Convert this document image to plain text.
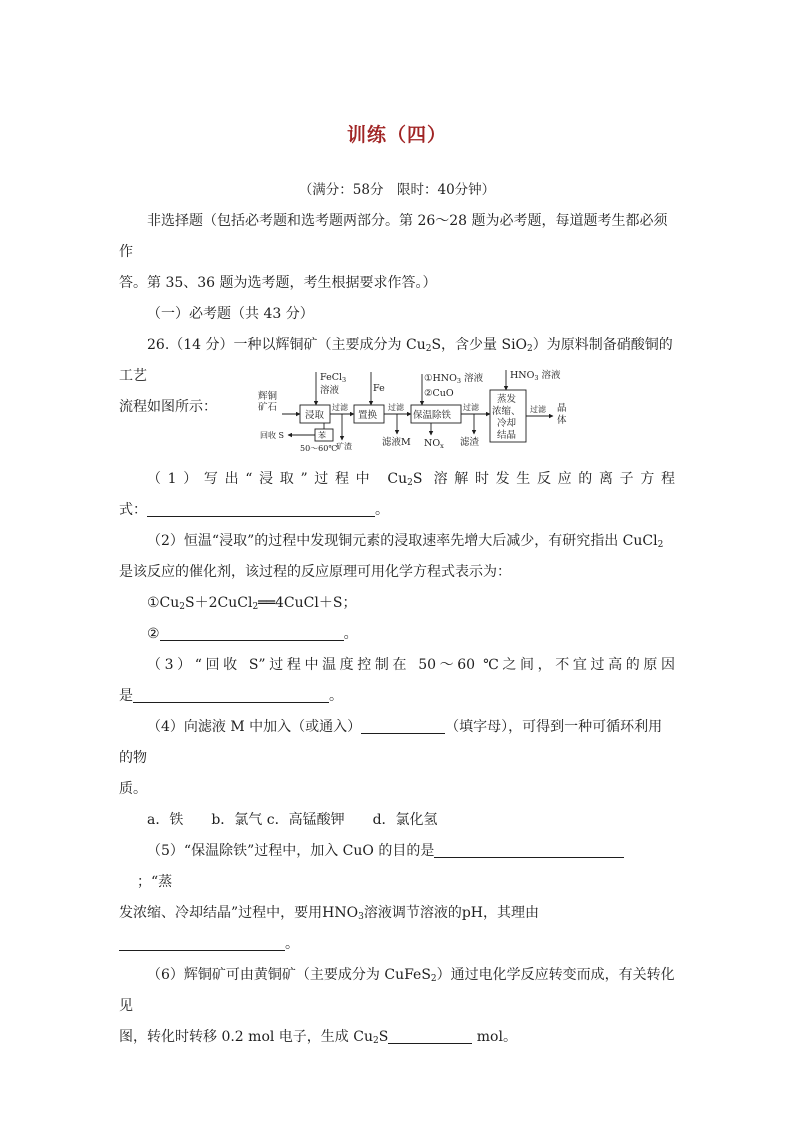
训练（四）
（满分：58分　限时：40分钟）

非选择题（包括必考题和选考题两部分。第 26～28 题为必考题，每道题考生都必须作

答。第 35、36 题为选考题，考生根据要求作答。）

（一）必考题（共 43 分）

26.（14 分）一种以辉铜矿（主要成分为 $Cu_2S$，含少量 SiO$_2$）为原料制备硝酸铜的工艺

流程如图所示：

辉铜
矿石
FeCl$_3$
溶液
浸取
过滤
矿渣
苯
50～60℃
回收 S
Fe
置换
过滤
滤液M
$①HNO_3$ 溶液
②CuO
保温除铁
$NO_x$
过滤
滤渣
$HNO_3$ 溶液
蒸发
浓缩、
冷却
结晶
过滤 晶
体

（1）写出“浸取”过程中 $Cu_2S$ 溶解时发生反应的离子方程

式：	。

（2）恒温“浸取”的过程中发现铜元素的浸取速率先增大后减少，有研究指出 CuCl$_2$

是该反应的催化剂，该过程的反应原理可用化学方程式表示为：

$①Cu_2S+2CuCl_2══4CuCl+S$；

②	。

（3）“回收 S”过程中温度控制在 50～60 ℃之间，不宜过高的原因

是	。

（4）向滤液 M 中加入（或通入）	（填字母），可得到一种可循环利用的物

质。

a．铁　　b．氯气 c．高锰酸钾　　d．氯化氢

（5）“保温除铁”过程中，加入 CuO 的目的是；“蒸

发浓缩、冷却结晶”过程中，要用$HNO_3$溶液调节溶液的pH，其理由。

（6）辉铜矿可由黄铜矿（主要成分为 CuFeS$_2$）通过电化学反应转变而成，有关转化见

图，转化时转移 0.2 mol 电子，生成 $Cu_2S$	mol。
